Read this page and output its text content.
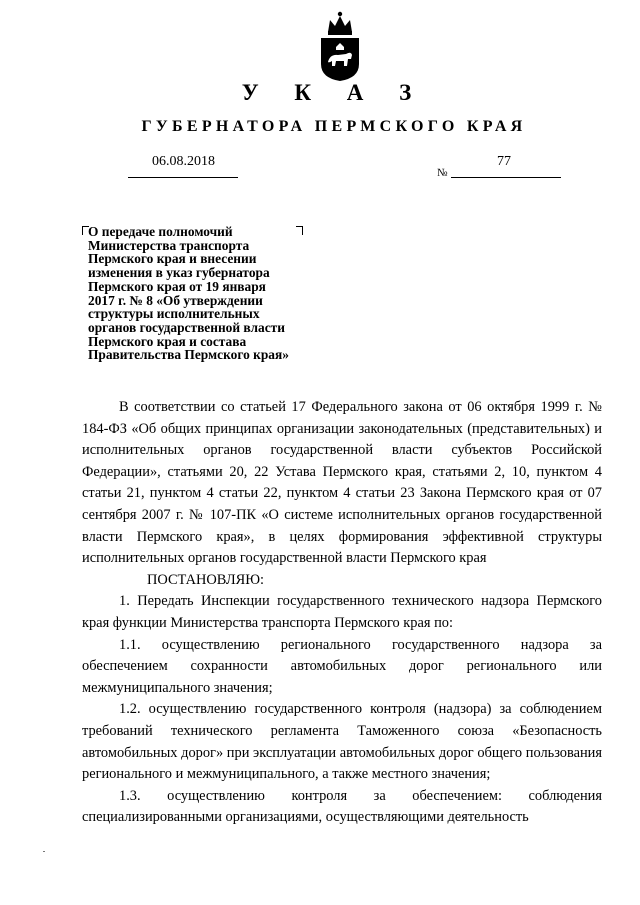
У К А З
ГУБЕРНАТОРА ПЕРМСКОГО КРАЯ
06.08.2018
№
77
О передаче полномочий
Министерства транспорта
Пермского края и внесении
изменения в указ губернатора
Пермского края от 19 января
2017 г. № 8 «Об утверждении
структуры исполнительных
органов государственной власти
Пермского края и состава
Правительства Пермского края»

В соответствии со статьей 17 Федерального закона от 06 октября 1999 г. № 184-ФЗ «Об общих принципах организации законодательных (представительных) и исполнительных органов государственной власти субъектов Российской Федерации», статьями 20, 22 Устава Пермского края, статьями 2, 10, пунктом 4 статьи 21, пунктом 4 статьи 22, пунктом 4 статьи 23 Закона Пермского края от 07 сентября 2007 г. № 107-ПК «О системе исполнительных органов государственной власти Пермского края», в целях формирования эффективной структуры исполнительных органов государственной власти Пермского края

ПОСТАНОВЛЯЮ:

1. Передать Инспекции государственного технического надзора Пермского края функции Министерства транспорта Пермского края по:

1.1. осуществлению регионального государственного надзора за обеспечением сохранности автомобильных дорог регионального или межмуниципального значения;

1.2. осуществлению государственного контроля (надзора) за соблюдением требований технического регламента Таможенного союза «Безопасность автомобильных дорог» при эксплуатации автомобильных дорог общего пользования регионального и межмуниципального, а также местного значения;

1.3. осуществлению контроля за обеспечением: соблюдения специализированными организациями, осуществляющими деятельность
